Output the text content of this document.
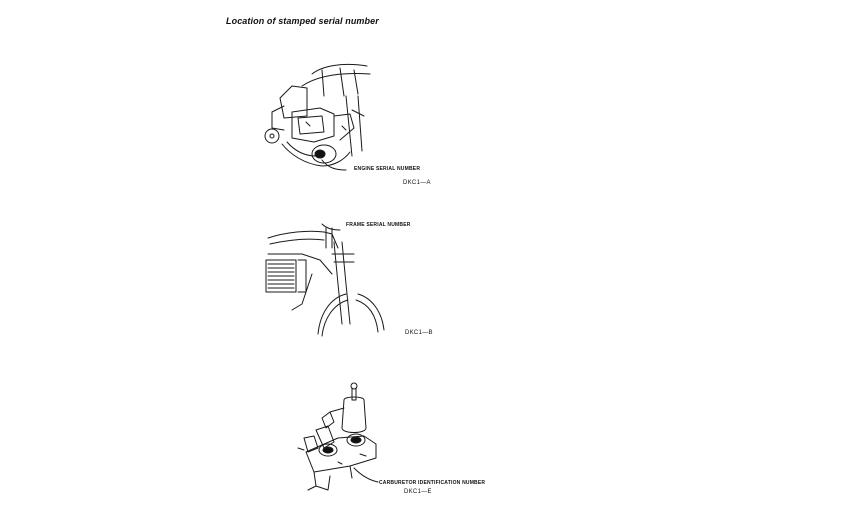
Location of stamped serial number
ENGINE SERIAL NUMBER
DKC1—A
FRAME SERIAL NUMBER
DKC1—B
CARBURETOR IDENTIFICATION NUMBER
DKC1—E
